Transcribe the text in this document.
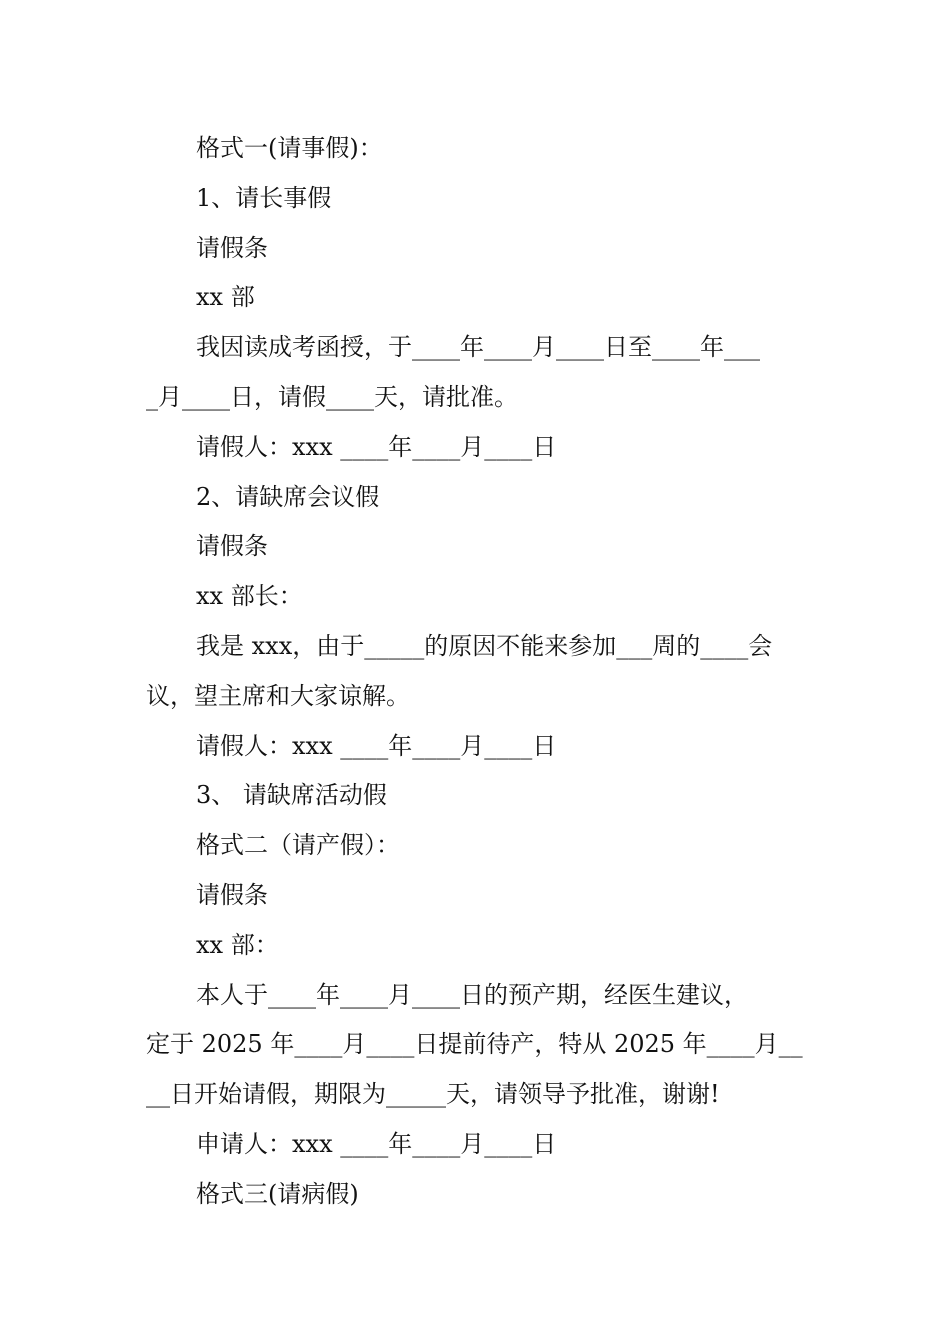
格式一(请事假)：
1、请长事假
请假条
xx 部
我因读成考函授，于____年____月____日至____年___
_月____日，请假____天，请批准。
请假人：xxx ____年____月____日
2、请缺席会议假
请假条
xx 部长：
我是 xxx，由于_____的原因不能来参加___周的____会
议，望主席和大家谅解。
请假人：xxx ____年____月____日
3、 请缺席活动假
格式二（请产假）：
请假条
xx 部：
本人于____年____月____日的预产期，经医生建议，
定于 2025 年____月____日提前待产，特从 2025 年____月__
__日开始请假，期限为_____天，请领导予批准，谢谢!
申请人：xxx ____年____月____日
格式三(请病假)
